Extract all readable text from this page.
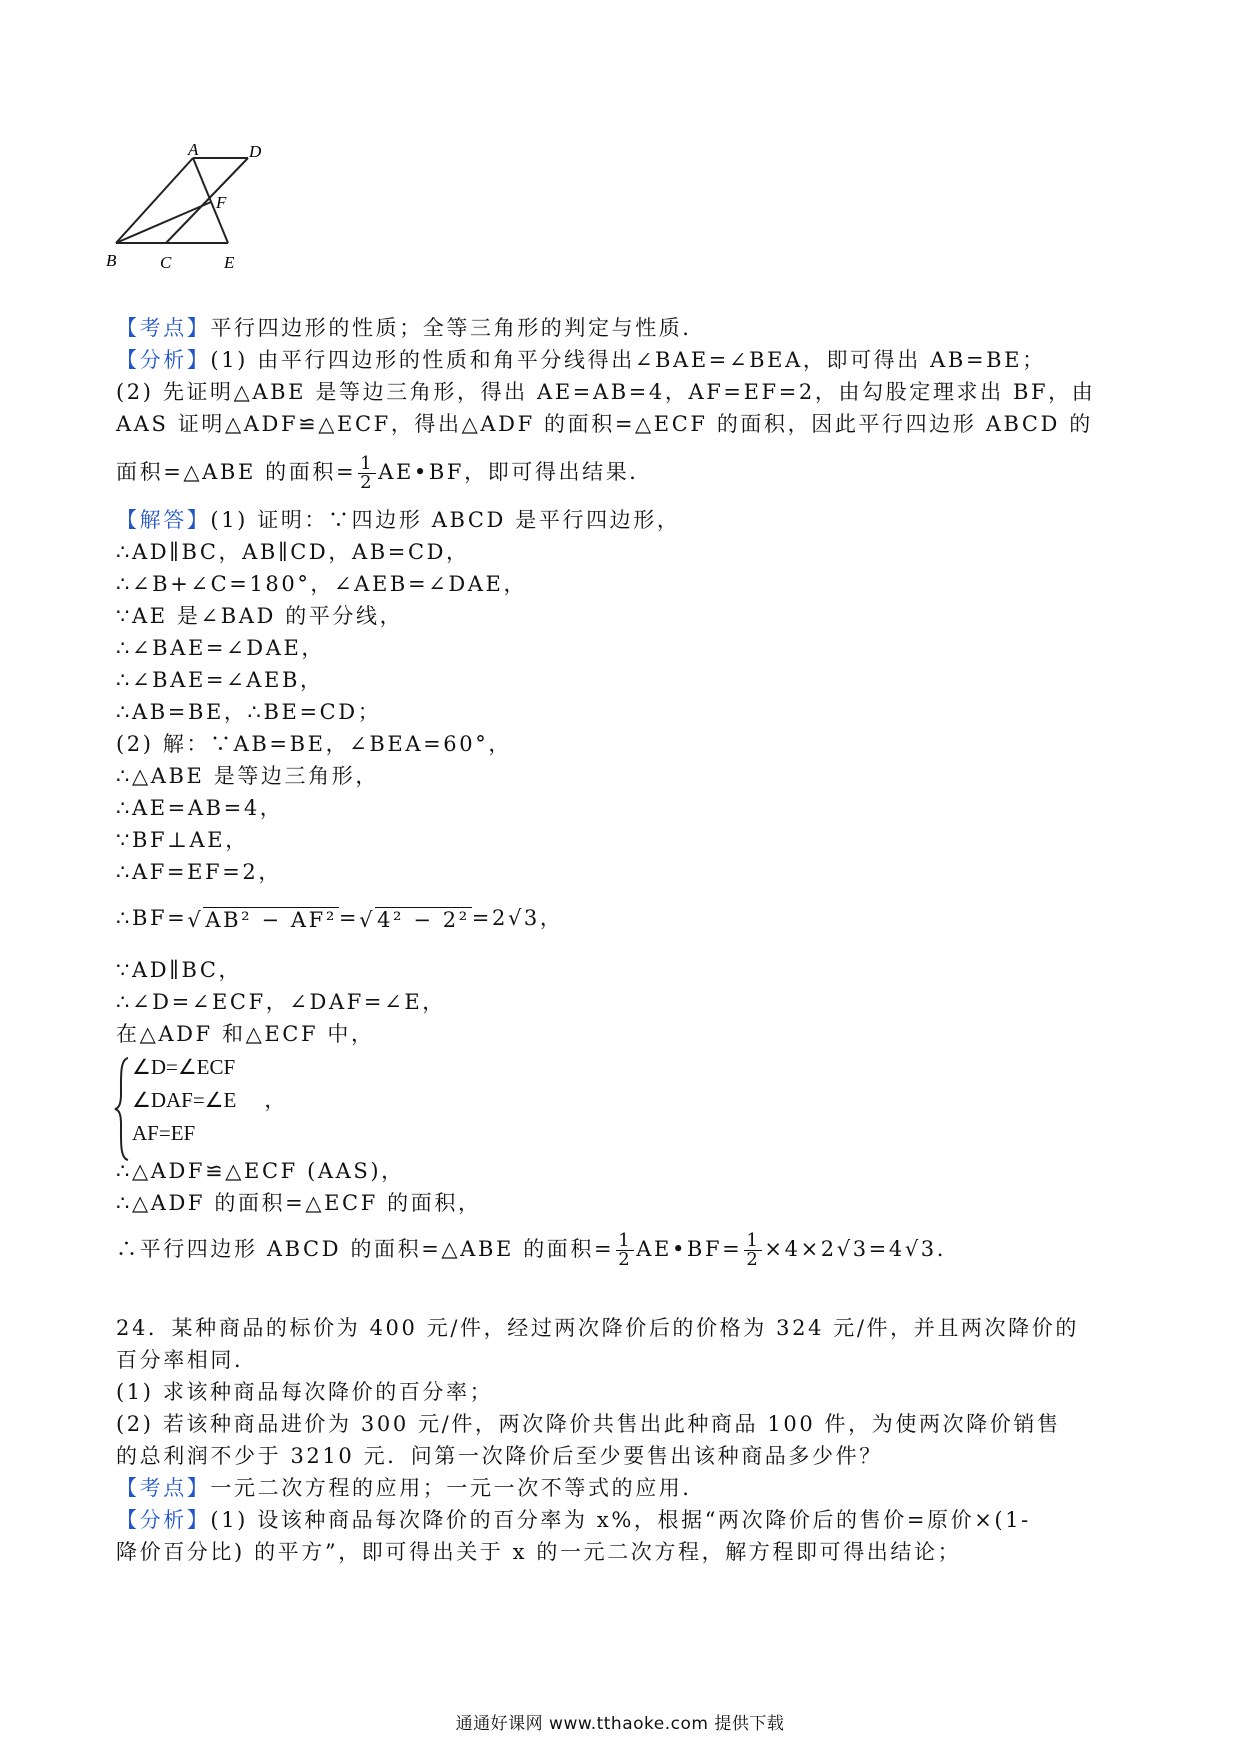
A	D
F
B	C	E
【考点】平行四边形的性质；全等三角形的判定与性质．
【分析】(1) 由平行四边形的性质和角平分线得出∠BAE=∠BEA，即可得出 AB=BE；
(2) 先证明△ABE 是等边三角形，得出 AE=AB=4，AF=EF=2，由勾股定理求出 BF，由
AAS 证明△ADF≌△ECF，得出△ADF 的面积=△ECF 的面积，因此平行四边形 ABCD 的
面积=△ABE 的面积= $\frac{1}{2}$ AE•BF，即可得出结果．
【解答】(1) 证明：∵四边形 ABCD 是平行四边形，
∴AD∥BC，AB∥CD，AB=CD，
∴∠B+∠C=180°，∠AEB=∠DAE，
∵AE 是∠BAD 的平分线，
∴∠BAE=∠DAE，
∴∠BAE=∠AEB，
∴AB=BE，∴BE=CD；
(2) 解：∵AB=BE，∠BEA=60°，
∴△ABE 是等边三角形，
∴AE=AB=4，
∵BF⊥AE，
∴AF=EF=2，
∴BF=√AB² − AF²=√4² − 2²=2√3，
∵AD∥BC，
∴∠D=∠ECF，∠DAF=∠E，
在△ADF 和△ECF 中，
∠D=∠ECF
∠DAF=∠E ，
AF=EF
∴△ADF≌△ECF (AAS)，
∴△ADF 的面积=△ECF 的面积，
∴平行四边形 ABCD 的面积=△ABE 的面积= $\frac{1}{2}$ AE•BF= $\frac{1}{2} \times 4\times 2√3=4√3$.
24．某种商品的标价为 400 元/件，经过两次降价后的价格为 324 元/件，并且两次降价的
百分率相同．
(1) 求该种商品每次降价的百分率；
(2) 若该种商品进价为 300 元/件，两次降价共售出此种商品 100 件，为使两次降价销售
的总利润不少于 3210 元．问第一次降价后至少要售出该种商品多少件？
【考点】一元二次方程的应用；一元一次不等式的应用．
【分析】(1) 设该种商品每次降价的百分率为 x%，根据“两次降价后的售价=原价×(1-
降价百分比) 的平方”，即可得出关于 x 的一元二次方程，解方程即可得出结论；
通通好课网 www.tthaoke.com 提供下载
